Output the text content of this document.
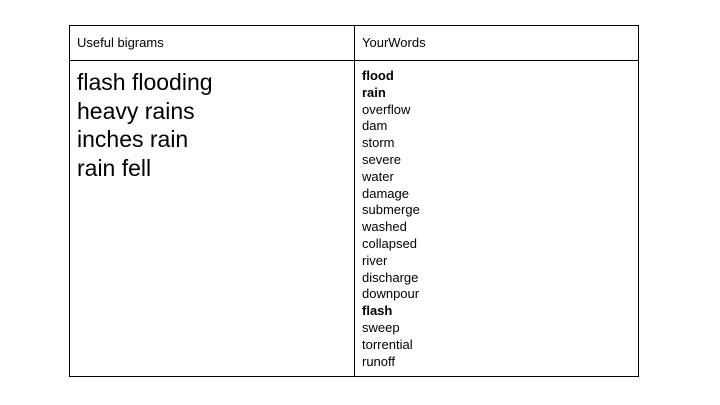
Useful bigrams	YourWords
flash flooding
heavy rains
inches rain
rain fell
flood
rain
overflow
dam
storm
severe
water
damage
submerge
washed
collapsed
river
discharge
downpour
flash
sweep
torrential
runoff
